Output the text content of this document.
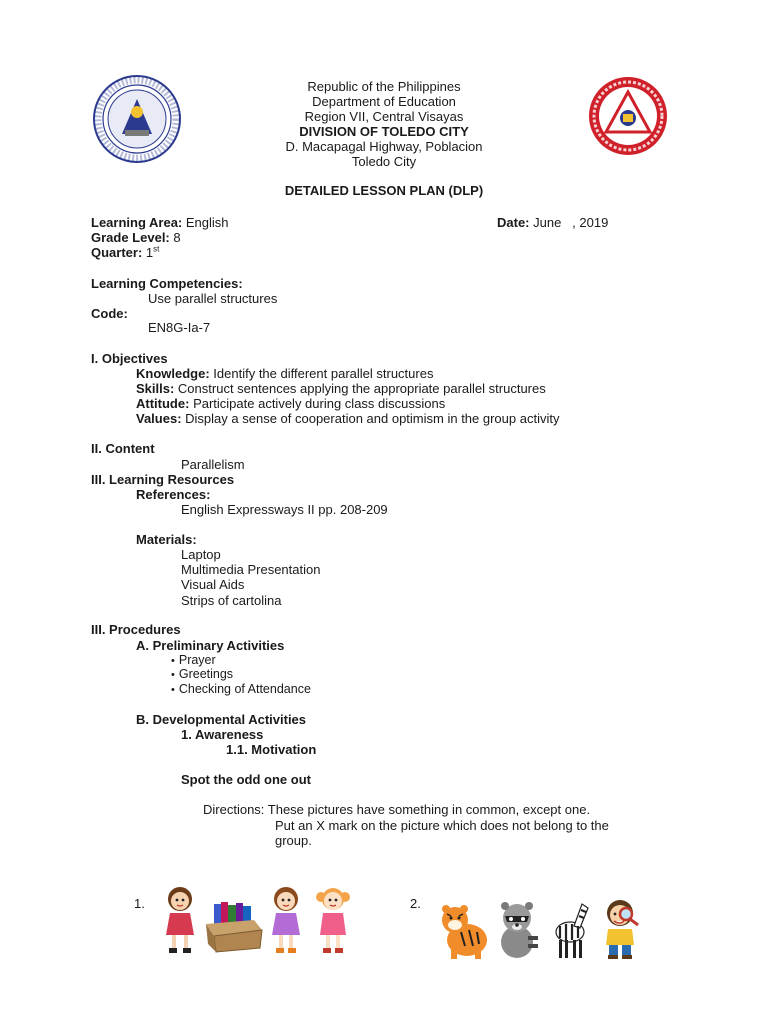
Republic of the Philippines
Department of Education
Region VII, Central Visayas
DIVISION OF TOLEDO CITY
D. Macapagal Highway, Poblacion
Toledo City
DETAILED LESSON PLAN (DLP)
Learning Area: English	Date: June   , 2019
Grade Level: 8
Quarter: 1st
Learning Competencies:
Use parallel structures
Code:
EN8G-Ia-7
I. Objectives
Knowledge: Identify the different parallel structures
Skills: Construct sentences applying the appropriate parallel structures
Attitude: Participate actively during class discussions
Values: Display a sense of cooperation and optimism in the group activity
II. Content
Parallelism
III. Learning Resources
References:
English Expressways II pp. 208-209
Materials:
Laptop
Multimedia Presentation
Visual Aids
Strips of cartolina
III. Procedures
A. Preliminary Activities
• Prayer
• Greetings
• Checking of Attendance
B. Developmental Activities
1. Awareness
1.1. Motivation
Spot the odd one out
Directions: These pictures have something in common, except one.
Put an X mark on the picture which does not belong to the
group.
1.	2.
